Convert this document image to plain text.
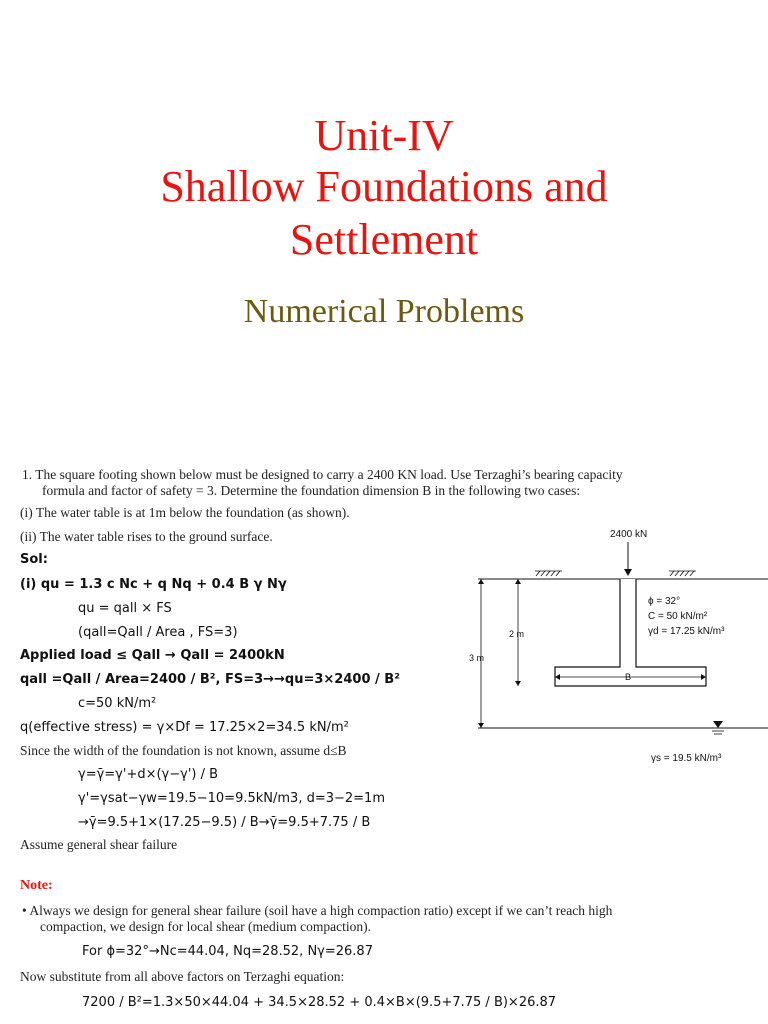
Unit-IV
Shallow Foundations and
Settlement
Numerical Problems
1. The square footing shown below must be designed to carry a 2400 KN load. Use Terzaghi’s bearing capacity
formula and factor of safety = 3. Determine the foundation dimension B in the following two cases:
(i) The water table is at 1m below the foundation (as shown).
(ii) The water table rises to the ground surface.
Sol:
(i) qu = 1.3 c Nc + q Nq + 0.4 B γ Nγ
qu = qall × FS
(qall=Qall / Area , FS=3)
Applied load ≤ Qall → Qall = 2400kN
qall =Qall / Area=2400 / B², FS=3→→qu=3×2400 / B²
c=50 kN/m²
q(effective stress) = γ×Df = 17.25×2=34.5 kN/m²
Since the width of the foundation is not known, assume d≤B
γ=γ̄=γ'+d×(γ−γ') / B
γ'=γsat−γw=19.5−10=9.5kN/m3, d=3−2=1m
→γ̄=9.5+1×(17.25−9.5) / B→γ̄=9.5+7.75 / B
Assume general shear failure
Note:
• Always we design for general shear failure (soil have a high compaction ratio) except if we can’t reach high
compaction, we design for local shear (medium compaction).
For ϕ=32°→Nc=44.04, Nq=28.52, Nγ=26.87
Now substitute from all above factors on Terzaghi equation:
7200 / B²=1.3×50×44.04 + 34.5×28.52 + 0.4×B×(9.5+7.75 / B)×26.87
2400 kN
ϕ = 32°
C = 50 kN/m²
γd = 17.25 kN/m³
2 m
3 m
B
γs = 19.5 kN/m³
